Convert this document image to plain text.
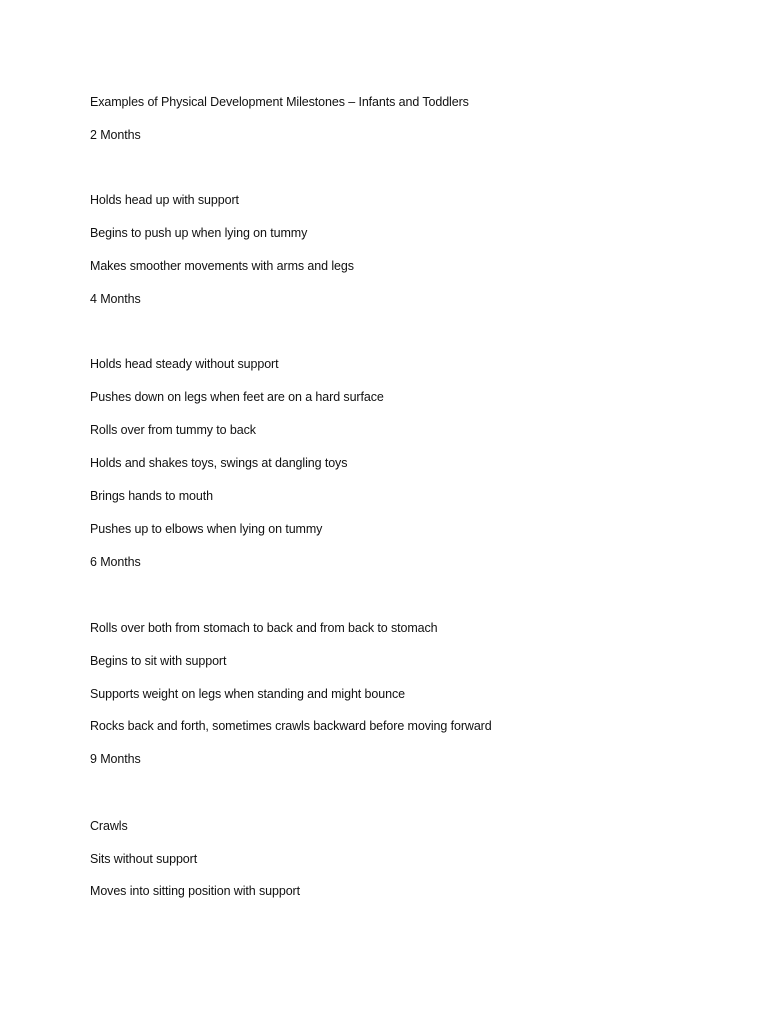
Examples of Physical Development Milestones – Infants and Toddlers
2 Months
Holds head up with support
Begins to push up when lying on tummy
Makes smoother movements with arms and legs
4 Months
Holds head steady without support
Pushes down on legs when feet are on a hard surface
Rolls over from tummy to back
Holds and shakes toys, swings at dangling toys
Brings hands to mouth
Pushes up to elbows when lying on tummy
6 Months
Rolls over both from stomach to back and from back to stomach
Begins to sit with support
Supports weight on legs when standing and might bounce
Rocks back and forth, sometimes crawls backward before moving forward
9 Months
Crawls
Sits without support
Moves into sitting position with support
